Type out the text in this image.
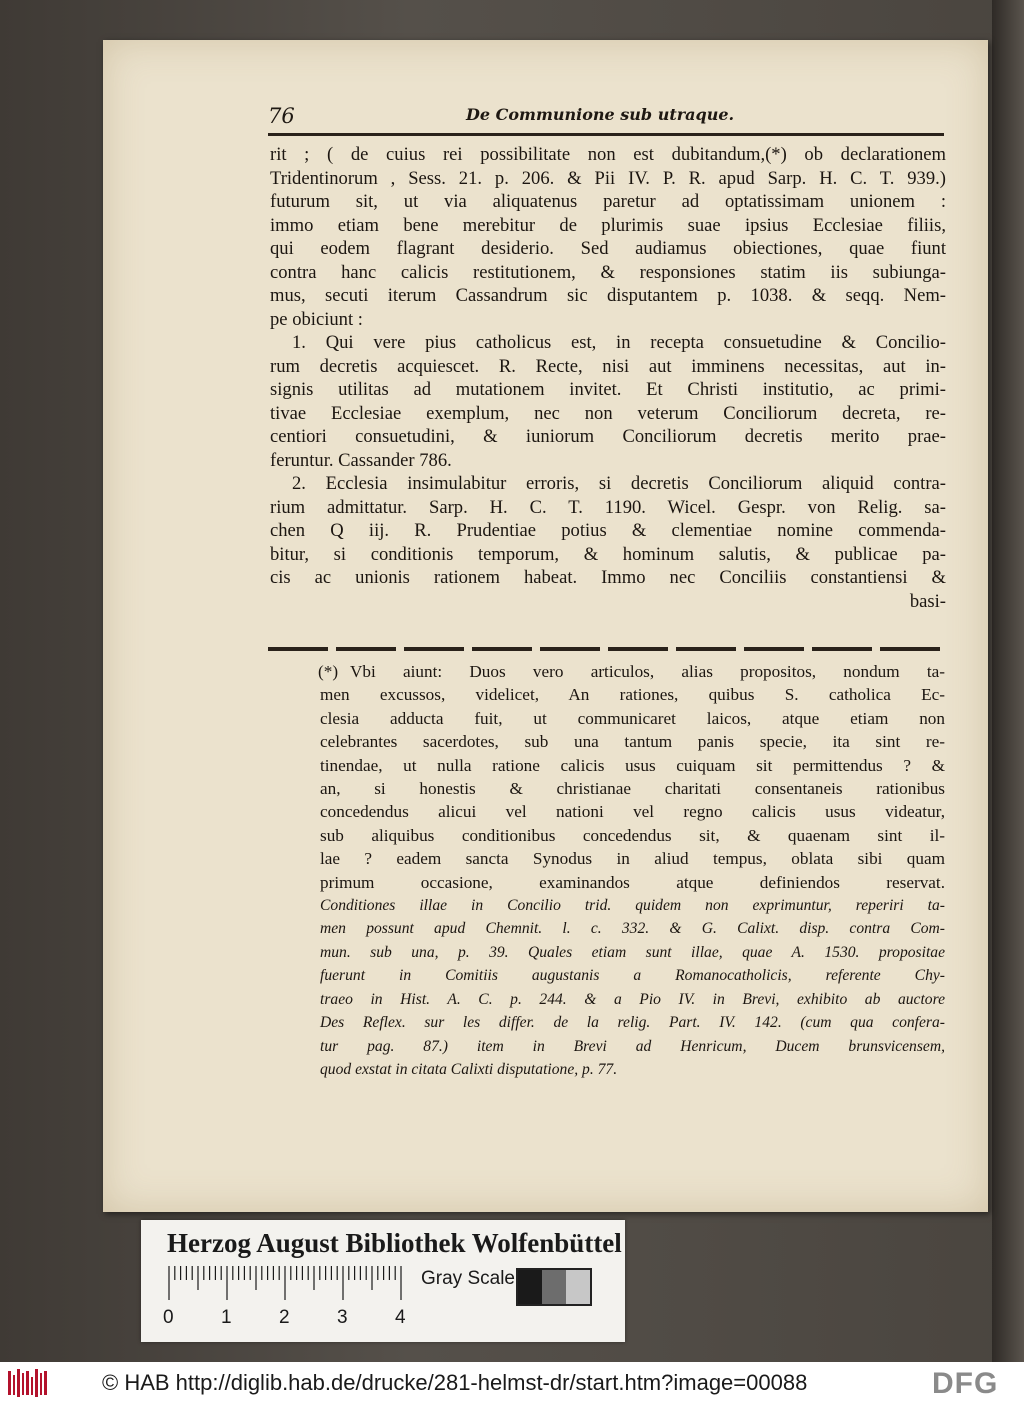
76	De Communione sub utraque.

rit ; ( de cuius rei possibilitate non est dubitandum,(*) ob declarationem

Tridentinorum , Sess. 21. p. 206. & Pii IV. P. R. apud Sarp. H. C. T. 939.)

futurum sit, ut via aliquatenus paretur ad optatissimam unionem :

immo etiam bene merebitur de plurimis suae ipsius Ecclesiae filiis,

qui eodem flagrant desiderio. Sed audiamus obiectiones, quae fiunt

contra hanc calicis restitutionem, & responsiones statim iis subiunga-

mus, secuti iterum Cassandrum sic disputantem p. 1038. & seqq. Nem-

pe obiciunt :

1. Qui vere pius catholicus est, in recepta consuetudine & Concilio-

rum decretis acquiescet. R. Recte, nisi aut imminens necessitas, aut in-

signis utilitas ad mutationem invitet. Et Christi institutio, ac primi-

tivae Ecclesiae exemplum, nec non veterum Conciliorum decreta, re-

centiori consuetudini, & iuniorum Conciliorum decretis merito prae-

feruntur. Cassander 786.

2. Ecclesia insimulabitur erroris, si decretis Conciliorum aliquid contra-

rium admittatur. Sarp. H. C. T. 1190. Wicel. Gespr. von Relig. sa-

chen Q iij. R. Prudentiae potius & clementiae nomine commenda-

bitur, si conditionis temporum, & hominum salutis, & publicae pa-

cis ac unionis rationem habeat. Immo nec Conciliis constantiensi &

basi-

(*) Vbi aiunt: Duos vero articulos, alias propositos, nondum ta-

men excussos, videlicet, An rationes, quibus S. catholica Ec-

clesia adducta fuit, ut communicaret laicos, atque etiam non

celebrantes sacerdotes, sub una tantum panis specie, ita sint re-

tinendae, ut nulla ratione calicis usus cuiquam sit permittendus ? &

an, si honestis & christianae charitati consentaneis rationibus

concedendus alicui vel nationi vel regno calicis usus videatur,

sub aliquibus conditionibus concedendus sit, & quaenam sint il-

lae ? eadem sancta Synodus in aliud tempus, oblata sibi quam

primum occasione, examinandos atque definiendos reservat.

Conditiones illae in Concilio trid. quidem non exprimuntur, reperiri ta-

men possunt apud Chemnit. l. c. 332. & G. Calixt. disp. contra Com-

mun. sub una, p. 39. Quales etiam sunt illae, quae A. 1530. propositae

fuerunt in Comitiis augustanis a Romanocatholicis, referente Chy-

traeo in Hist. A. C. p. 244. & a Pio IV. in Brevi, exhibito ab auctore

Des Reflex. sur les differ. de la relig. Part. IV. 142. (cum qua confera-

tur pag. 87.) item in Brevi ad Henricum, Ducem brunsvicensem,

quod exstat in citata Calixti disputatione, p. 77.

Herzog August Bibliothek Wolfenbüttel
Gray Scale
0 1 2 3 4
© HAB http://diglib.hab.de/drucke/281-helmst-dr/start.htm?image=00088	DFG
